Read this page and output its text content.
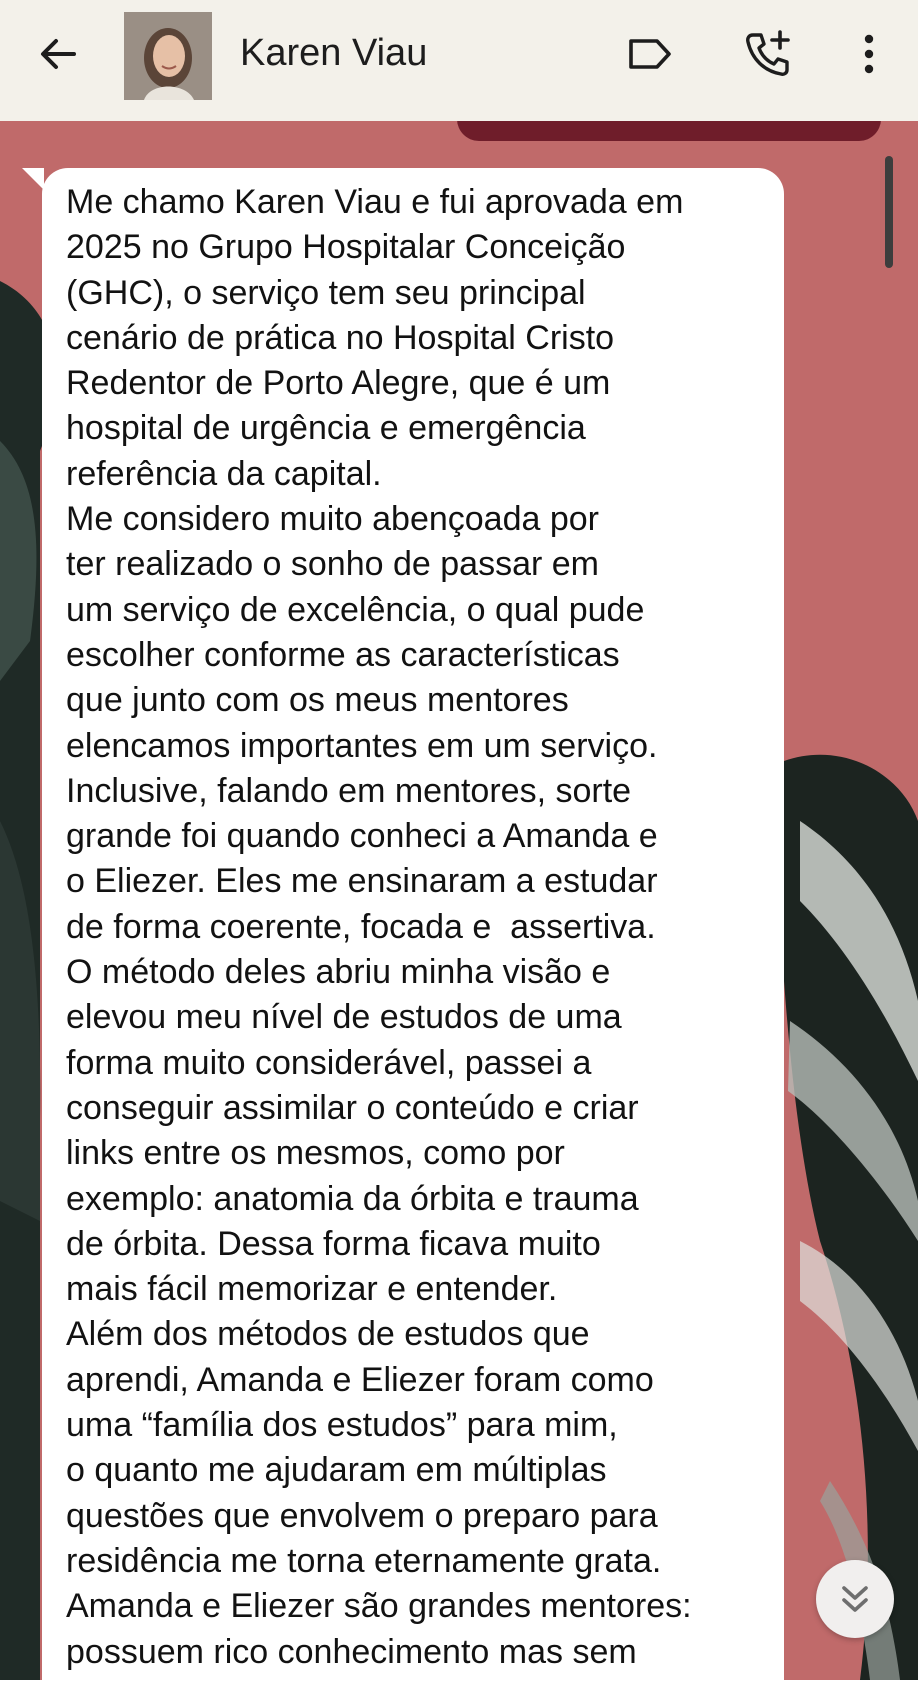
Karen Viau

Me chamo Karen Viau e fui aprovada em
2025 no Grupo Hospitalar Conceição
(GHC), o serviço tem seu principal
cenário de prática no Hospital Cristo
Redentor de Porto Alegre, que é um
hospital de urgência e emergência
referência da capital.
Me considero muito abençoada por
ter realizado o sonho de passar em
um serviço de excelência, o qual pude
escolher conforme as características
que junto com os meus mentores
elencamos importantes em um serviço.
Inclusive, falando em mentores, sorte
grande foi quando conheci a Amanda e
o Eliezer. Eles me ensinaram a estudar
de forma coerente, focada e  assertiva.
O método deles abriu minha visão e
elevou meu nível de estudos de uma
forma muito considerável, passei a
conseguir assimilar o conteúdo e criar
links entre os mesmos, como por
exemplo: anatomia da órbita e trauma
de órbita. Dessa forma ficava muito
mais fácil memorizar e entender.
Além dos métodos de estudos que
aprendi, Amanda e Eliezer foram como
uma “família dos estudos” para mim,
o quanto me ajudaram em múltiplas
questões que envolvem o preparo para
residência me torna eternamente grata.
Amanda e Eliezer são grandes mentores:
possuem rico conhecimento mas sem
